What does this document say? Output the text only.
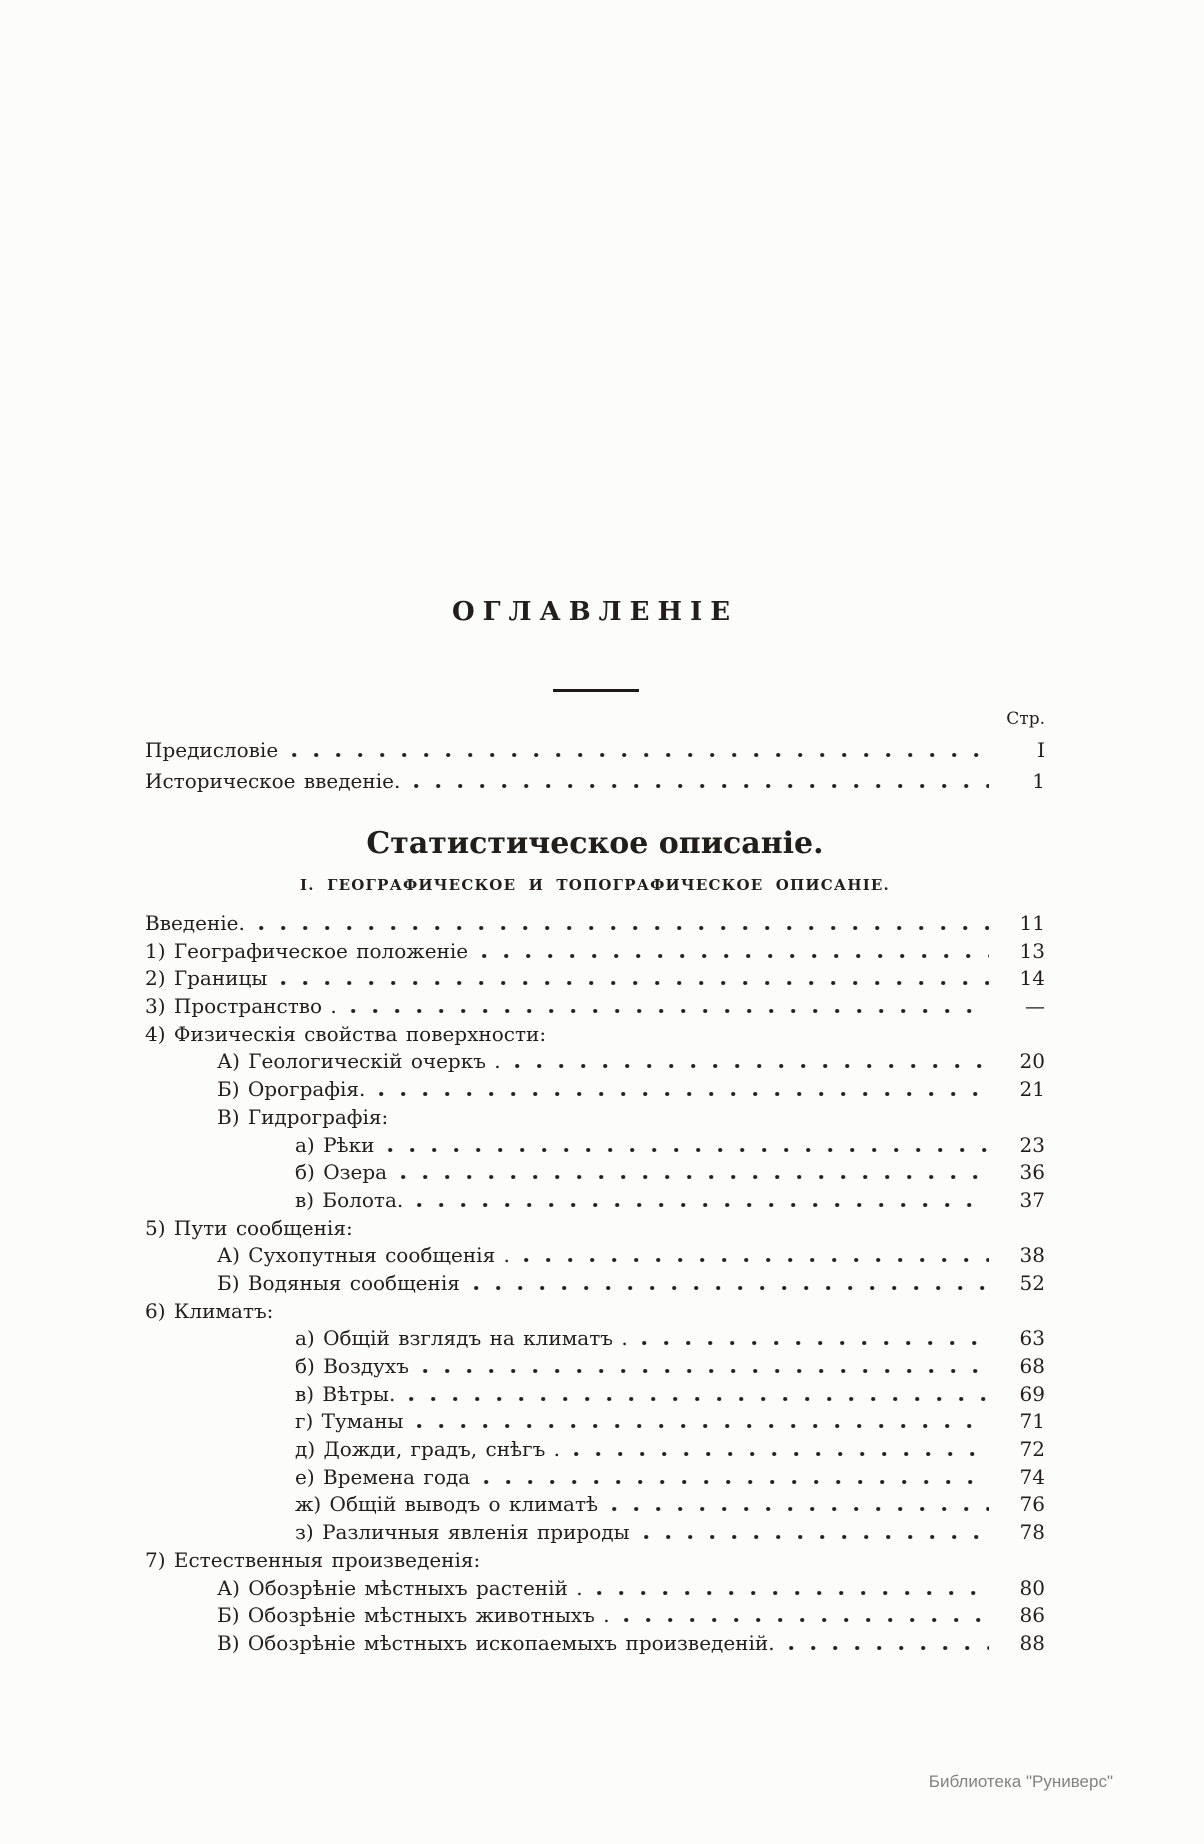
ОГЛАВЛЕНІЕ
Стр.
Предисловіе	I
Историческое введеніе.	1
Статистическое описаніе.
І. ГЕОГРАФИЧЕСКОЕ И ТОПОГРАФИЧЕСКОЕ ОПИСАНІЕ.
Введеніе.	11
1) Географическое положеніе	13
2) Границы	14
3) Пространство .	—
4) Физическія свойства поверхности:
А) Геологическій очеркъ .	20
Б) Орографія.	21
В) Гидрографія:
а) Рѣки	23
б) Озера	36
в) Болота.	37
5) Пути сообщенія:
А) Сухопутныя сообщенія .	38
Б) Водяныя сообщенія	52
6) Климатъ:
а) Общій взглядъ на климатъ .	63
б) Воздухъ	68
в) Вѣтры.	69
г) Туманы	71
д) Дожди, градъ, снѣгъ .	72
е) Времена года	74
ж) Общій выводъ о климатѣ	76
з) Различныя явленія природы	78
7) Естественныя произведенія:
А) Обозрѣніе мѣстныхъ растеній .	80
Б) Обозрѣніе мѣстныхъ животныхъ .	86
В) Обозрѣніе мѣстныхъ ископаемыхъ произведеній.	88
Библиотека "Руниверс"
